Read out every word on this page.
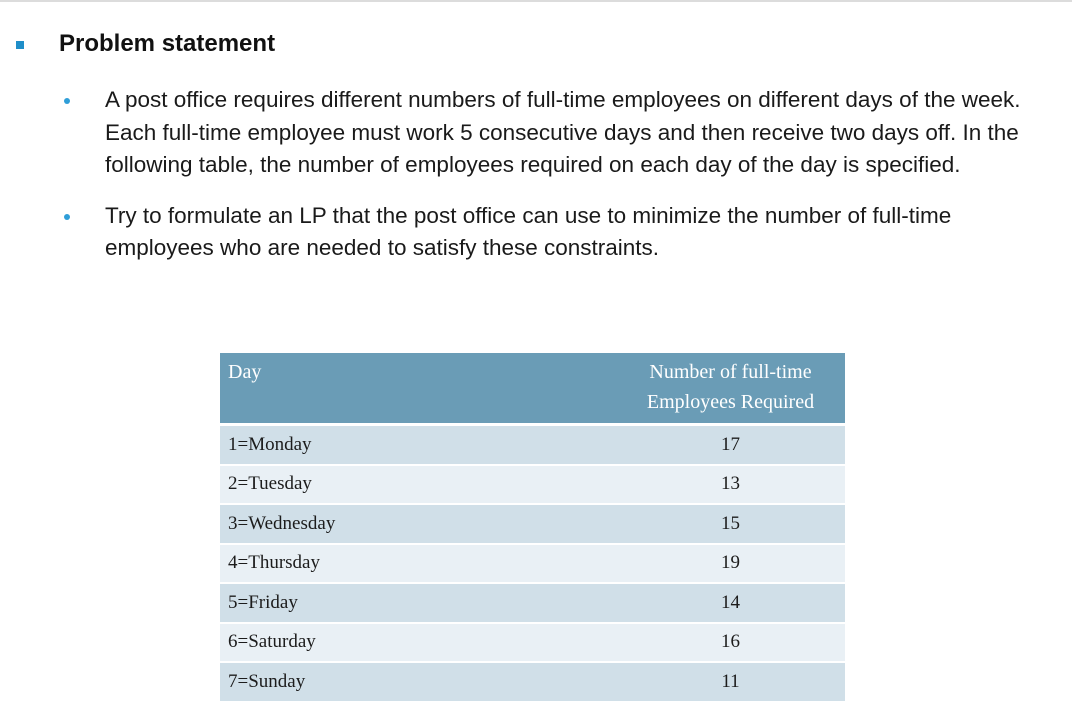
Problem statement
A post office requires different numbers of full-time employees on different days of the week. Each full-time employee must work 5 consecutive days and then receive two days off. In the following table, the number of employees required on each day of the day is specified.
Try to formulate an LP that the post office can use to minimize the number of full-time employees who are needed to satisfy these constraints.
Day	Number of full-time
Employees Required

1=Monday	17
2=Tuesday	13
3=Wednesday	15
4=Thursday	19
5=Friday	14
6=Saturday	16
7=Sunday	11
